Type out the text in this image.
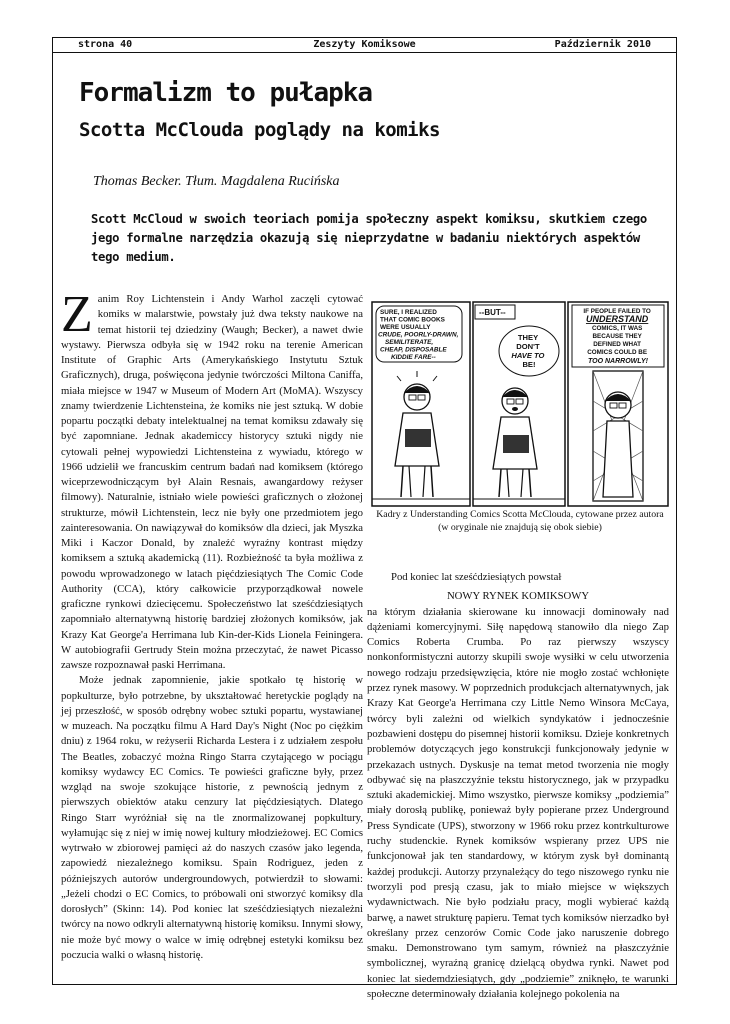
strona 40	Zeszyty Komiksowe	Październik 2010
Formalizm to pułapka
Scotta McClouda poglądy na komiks
Thomas Becker. Tłum. Magdalena Rucińska
Scott McCloud w swoich teoriach pomija społeczny aspekt komiksu, skutkiem czego jego formalne narzędzia okazują się nieprzydatne w badaniu niektórych aspektów tego medium.

Zanim Roy Lichtenstein i Andy Warhol zaczęli cytować komiks w malarstwie, powstały już dwa teksty naukowe na temat historii tej dziedziny (Waugh; Becker), a nawet dwie wystawy. Pierwsza odbyła się w 1942 roku na terenie American Institute of Graphic Arts (Amerykańskiego Instytutu Sztuk Graficznych), druga, poświęcona jedynie twórczości Miltona Caniffa, miała miejsce w 1947 w Museum of Modern Art (MoMA). Wszyscy znamy twierdzenie Lichtensteina, że komiks nie jest sztuką. W dobie popartu początki debaty intelektualnej na temat komiksu zdawały się być zapomniane. Jednak akademiccy historycy sztuki nigdy nie cytowali pełnej wypowiedzi Lichtensteina z wywiadu, którego w 1966 udzielił we francuskim centrum badań nad komiksem (którego wiceprzewodniczącym był Alain Resnais, awangardowy reżyser filmowy). Naturalnie, istniało wiele powieści graficznych o złożonej strukturze, mówił Lichtenstein, lecz nie były one przedmiotem jego zainteresowania. On nawiązywał do komiksów dla dzieci, jak Myszka Miki i Kaczor Donald, by znaleźć wyraźny kontrast między komiksem a sztuką akademicką (11). Rozbieżność ta była możliwa z powodu wprowadzonego w latach pięćdziesiątych The Comic Code Authority (CCA), który całkowicie przyporządkował nowele graficzne rynkowi dziecięcemu. Społeczeństwo lat sześćdziesiątych zapomniało alternatywną historię bardziej złożonych komiksów, jak Krazy Kat George'a Herrimana lub Kin-der-Kids Lionela Feiningera. W autobiografii Gertrudy Stein można przeczytać, że nawet Picasso zawsze rozpoznawał paski Herrimana.

Może jednak zapomnienie, jakie spotkało tę historię w popkulturze, było potrzebne, by ukształtować heretyckie poglądy na jej przeszłość, w sposób odrębny wobec sztuki popartu, wystawianej w muzeach. Na początku filmu A Hard Day's Night (Noc po ciężkim dniu) z 1964 roku, w reżyserii Richarda Lestera i z udziałem zespołu The Beatles, zobaczyć można Ringo Starra czytającego w pociągu komiksy wydawcy EC Comics. Te powieści graficzne były, przez wzgląd na swoje szokujące historie, z pewnością jednym z pierwszych obiektów ataku cenzury lat pięćdziesiątych. Dlatego Ringo Starr wyróżniał się na tle znormalizowanej popkultury, wyłamując się z niej w imię nowej kultury młodzieżowej. EC Comics wytrwało w zbiorowej pamięci aż do naszych czasów jako legenda, zapowiedź niezależnego komiksu. Spain Rodriguez, jeden z późniejszych autorów undergroundowych, potwierdził to słowami: „Jeżeli chodzi o EC Comics, to próbowali oni stworzyć komiksy dla dorosłych” (Skinn: 14). Pod koniec lat sześćdziesiątych niezależni twórcy na nowo odkryli alternatywną historię komiksu. Innymi słowy, nie może być mowy o walce w imię odrębnej estetyki komiksu bez poczucia walki o własną historię.

SURE, I REALIZED THAT COMIC BOOKS WERE USUALLY CRUDE, POORLY-DRAWN, SEMILITERATE, CHEAP, DISPOSABLE KIDDIE FARE--
--BUT--
THEY DON'T HAVE TO BE!
IF PEOPLE FAILED TO UNDERSTAND COMICS, IT WAS BECAUSE THEY DEFINED WHAT COMICS COULD BE TOO NARROWLY!
Kadry z Understanding Comics Scotta McClouda, cytowane przez autora
(w oryginale nie znajdują się obok siebie)

Pod koniec lat sześćdziesiątych powstał

NOWY RYNEK KOMIKSOWY

na którym działania skierowane ku innowacji dominowały nad dążeniami komercyjnymi. Siłę napędową stanowiło dla niego Zap Comics Roberta Crumba. Po raz pierwszy wszyscy nonkonformistyczni autorzy skupili swoje wysiłki w celu utworzenia nowego rodzaju przedsięwzięcia, które nie mogło zostać wchłonięte przez rynek masowy. W poprzednich produkcjach alternatywnych, jak Krazy Kat George'a Herrimana czy Little Nemo Winsora McCaya, twórcy byli zależni od wielkich syndykatów i jednocześnie pozbawieni dostępu do pisemnej historii komiksu. Dzieje konkretnych problemów dotyczących jego konstrukcji funkcjonowały jedynie w przekazach ustnych. Dyskusje na temat metod tworzenia nie mogły odbywać się na płaszczyźnie tekstu historycznego, jak w przypadku sztuki akademickiej. Mimo wszystko, pierwsze komiksy „podziemia” miały dorosłą publikę, ponieważ były popierane przez Underground Press Syndicate (UPS), stworzony w 1966 roku przez kontrkulturowe ruchy studenckie. Rynek komiksów wspierany przez UPS nie funkcjonował jak ten standardowy, w którym zysk był dominantą każdej produkcji. Autorzy przynależący do tego niszowego rynku nie tworzyli pod presją czasu, jak to miało miejsce w większych wydawnictwach. Nie było podziału pracy, mogli wybierać każdą barwę, a nawet strukturę papieru. Temat tych komiksów nierzadko był określany przez cenzorów Comic Code jako naruszenie dobrego smaku. Demonstrowano tym samym, również na płaszczyźnie symbolicznej, wyraźną granicę dzielącą obydwa rynki. Nawet pod koniec lat siedemdziesiątych, gdy „podziemie” zniknęło, te warunki społeczne determinowały działania kolejnego pokolenia na
